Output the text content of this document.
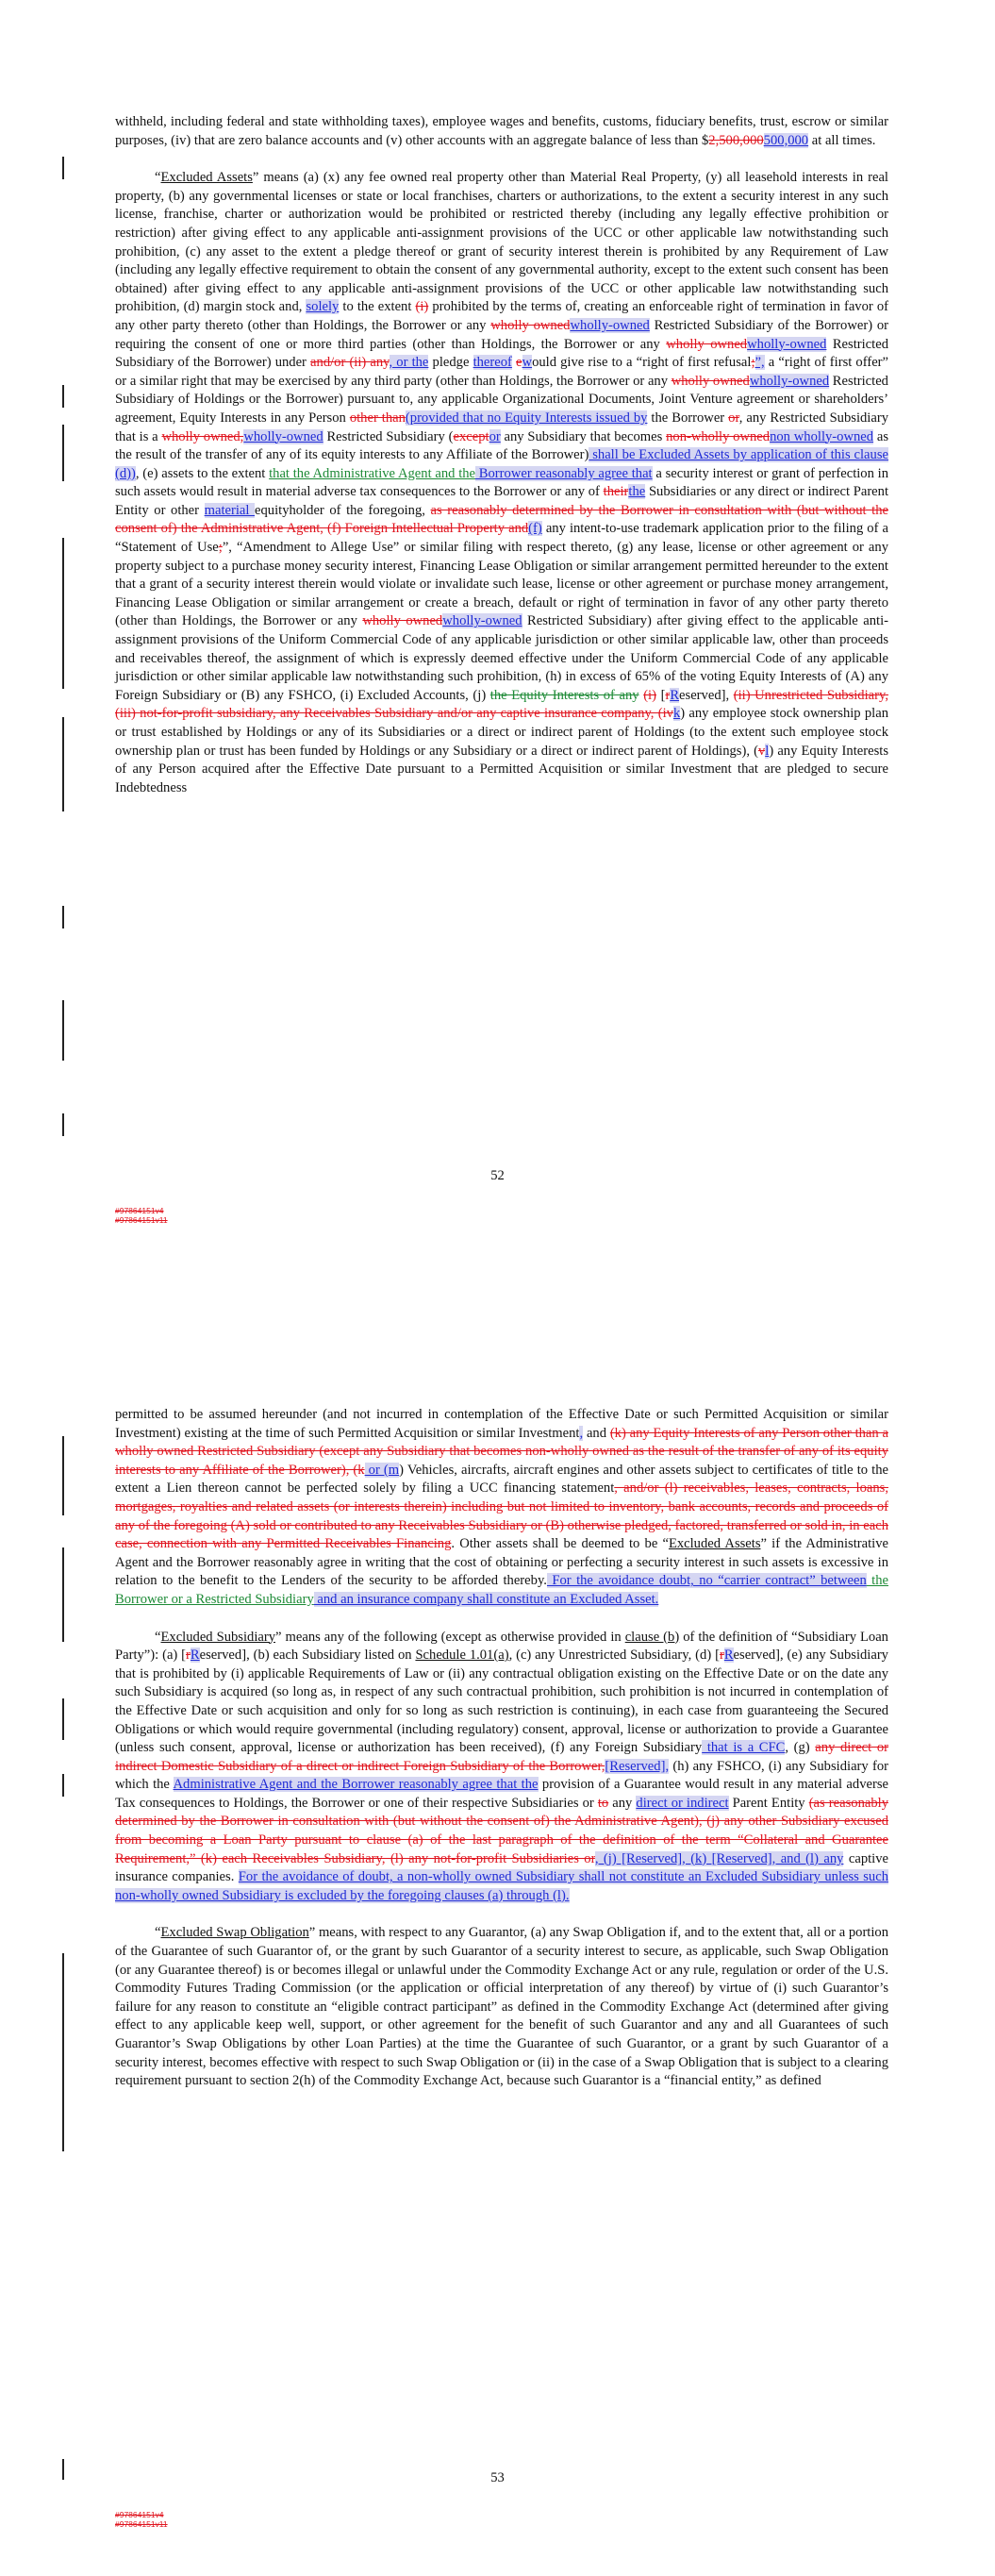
withheld, including federal and state withholding taxes), employee wages and benefits, customs, fiduciary benefits, trust, escrow or similar purposes, (iv) that are zero balance accounts and (v) other accounts with an aggregate balance of less than $2,500,000500,000 at all times.

“Excluded Assets” means (a) (x) any fee owned real property other than Material Real Property, (y) all leasehold interests in real property, (b) any governmental licenses or state or local franchises, charters or authorizations, to the extent a security interest in any such license, franchise, charter or authorization would be prohibited or restricted thereby (including any legally effective prohibition or restriction) after giving effect to any applicable anti-assignment provisions of the UCC or other applicable law notwithstanding such prohibition, (c) any asset to the extent a pledge thereof or grant of security interest therein is prohibited by any Requirement of Law (including any legally effective requirement to obtain the consent of any governmental authority, except to the extent such consent has been obtained) after giving effect to any applicable anti-assignment provisions of the UCC or other applicable law notwithstanding such prohibition, (d) margin stock and, solely to the extent (i) prohibited by the terms of, creating an enforceable right of termination in favor of any other party thereto (other than Holdings, the Borrower or any wholly ownedwholly-owned Restricted Subsidiary of the Borrower) or requiring the consent of one or more third parties (other than Holdings, the Borrower or any wholly ownedwholly-owned Restricted Subsidiary of the Borrower) under and/or (ii) any, or the pledge thereof ewould give rise to a “right of first refusal;”, a “right of first offer” or a similar right that may be exercised by any third party (other than Holdings, the Borrower or any wholly ownedwholly-owned Restricted Subsidiary of Holdings or the Borrower) pursuant to, any applicable Organizational Documents, Joint Venture agreement or shareholders’ agreement, Equity Interests in any Person other than(provided that no Equity Interests issued by the Borrower or, any Restricted Subsidiary that is a wholly owned,wholly-owned Restricted Subsidiary (exceptor any Subsidiary that becomes non-wholly ownednon wholly-owned as the result of the transfer of any of its equity interests to any Affiliate of the Borrower) shall be Excluded Assets by application of this clause (d)), (e) assets to the extent that the Administrative Agent and the Borrower reasonably agree that a security interest or grant of perfection in such assets would result in material adverse tax consequences to the Borrower or any of theirthe Subsidiaries or any direct or indirect Parent Entity or other material equityholder of the foregoing, as reasonably determined by the Borrower in consultation with (but without the consent of) the Administrative Agent, (f) Foreign Intellectual Property and(f) any intent-to-use trademark application prior to the filing of a “Statement of Use;”, “Amendment to Allege Use” or similar filing with respect thereto, (g) any lease, license or other agreement or any property subject to a purchase money security interest, Financing Lease Obligation or similar arrangement permitted hereunder to the extent that a grant of a security interest therein would violate or invalidate such lease, license or other agreement or purchase money arrangement, Financing Lease Obligation or similar arrangement or create a breach, default or right of termination in favor of any other party thereto (other than Holdings, the Borrower or any wholly ownedwholly-owned Restricted Subsidiary) after giving effect to the applicable anti-assignment provisions of the Uniform Commercial Code of any applicable jurisdiction or other similar applicable law, other than proceeds and receivables thereof, the assignment of which is expressly deemed effective under the Uniform Commercial Code of any applicable jurisdiction or other similar applicable law notwithstanding such prohibition, (h) in excess of 65% of the voting Equity Interests of (A) any Foreign Subsidiary or (B) any FSHCO, (i) Excluded Accounts, (j) the Equity Interests of any (i) [rReserved], (ii) Unrestricted Subsidiary, (iii) not-for-profit subsidiary, any Receivables Subsidiary and/or any captive insurance company, (ivk) any employee stock ownership plan or trust established by Holdings or any of its Subsidiaries or a direct or indirect parent of Holdings (to the extent such employee stock ownership plan or trust has been funded by Holdings or any Subsidiary or a direct or indirect parent of Holdings), (vl) any Equity Interests of any Person acquired after the Effective Date pursuant to a Permitted Acquisition or similar Investment that are pledged to secure Indebtedness

52
#97864151v4
#97864151v11

permitted to be assumed hereunder (and not incurred in contemplation of the Effective Date or such Permitted Acquisition or similar Investment) existing at the time of such Permitted Acquisition or similar Investment, and (k) any Equity Interests of any Person other than a wholly owned Restricted Subsidiary (except any Subsidiary that becomes non-wholly owned as the result of the transfer of any of its equity interests to any Affiliate of the Borrower), (k or (m) Vehicles, aircrafts, aircraft engines and other assets subject to certificates of title to the extent a Lien thereon cannot be perfected solely by filing a UCC financing statement, and/or (l) receivables, leases, contracts, loans, mortgages, royalties and related assets (or interests therein) including but not limited to inventory, bank accounts, records and proceeds of any of the foregoing (A) sold or contributed to any Receivables Subsidiary or (B) otherwise pledged, factored, transferred or sold in, in each case, connection with any Permitted Receivables Financing. Other assets shall be deemed to be “Excluded Assets” if the Administrative Agent and the Borrower reasonably agree in writing that the cost of obtaining or perfecting a security interest in such assets is excessive in relation to the benefit to the Lenders of the security to be afforded thereby. For the avoidance doubt, no “carrier contract” between the Borrower or a Restricted Subsidiary and an insurance company shall constitute an Excluded Asset.

“Excluded Subsidiary” means any of the following (except as otherwise provided in clause (b) of the definition of “Subsidiary Loan Party”): (a) [rReserved], (b) each Subsidiary listed on Schedule 1.01(a), (c) any Unrestricted Subsidiary, (d) [rReserved], (e) any Subsidiary that is prohibited by (i) applicable Requirements of Law or (ii) any contractual obligation existing on the Effective Date or on the date any such Subsidiary is acquired (so long as, in respect of any such contractual prohibition, such prohibition is not incurred in contemplation of the Effective Date or such acquisition and only for so long as such restriction is continuing), in each case from guaranteeing the Secured Obligations or which would require governmental (including regulatory) consent, approval, license or authorization to provide a Guarantee (unless such consent, approval, license or authorization has been received), (f) any Foreign Subsidiary that is a CFC, (g) any direct or indirect Domestic Subsidiary of a direct or indirect Foreign Subsidiary of the Borrower,[Reserved], (h) any FSHCO, (i) any Subsidiary for which the Administrative Agent and the Borrower reasonably agree that the provision of a Guarantee would result in any material adverse Tax consequences to Holdings, the Borrower or one of their respective Subsidiaries or to any direct or indirect Parent Entity (as reasonably determined by the Borrower in consultation with (but without the consent of) the Administrative Agent), (j) any other Subsidiary excused from becoming a Loan Party pursuant to clause (a) of the last paragraph of the definition of the term “Collateral and Guarantee Requirement,” (k) each Receivables Subsidiary, (l) any not-for-profit Subsidiaries or, (j) [Reserved], (k) [Reserved], and (l) any captive insurance companies. For the avoidance of doubt, a non-wholly owned Subsidiary shall not constitute an Excluded Subsidiary unless such non-wholly owned Subsidiary is excluded by the foregoing clauses (a) through (l).

“Excluded Swap Obligation” means, with respect to any Guarantor, (a) any Swap Obligation if, and to the extent that, all or a portion of the Guarantee of such Guarantor of, or the grant by such Guarantor of a security interest to secure, as applicable, such Swap Obligation (or any Guarantee thereof) is or becomes illegal or unlawful under the Commodity Exchange Act or any rule, regulation or order of the U.S. Commodity Futures Trading Commission (or the application or official interpretation of any thereof) by virtue of (i) such Guarantor’s failure for any reason to constitute an “eligible contract participant” as defined in the Commodity Exchange Act (determined after giving effect to any applicable keep well, support, or other agreement for the benefit of such Guarantor and any and all Guarantees of such Guarantor’s Swap Obligations by other Loan Parties) at the time the Guarantee of such Guarantor, or a grant by such Guarantor of a security interest, becomes effective with respect to such Swap Obligation or (ii) in the case of a Swap Obligation that is subject to a clearing requirement pursuant to section 2(h) of the Commodity Exchange Act, because such Guarantor is a “financial entity,” as defined

53
#97864151v4
#97864151v11
